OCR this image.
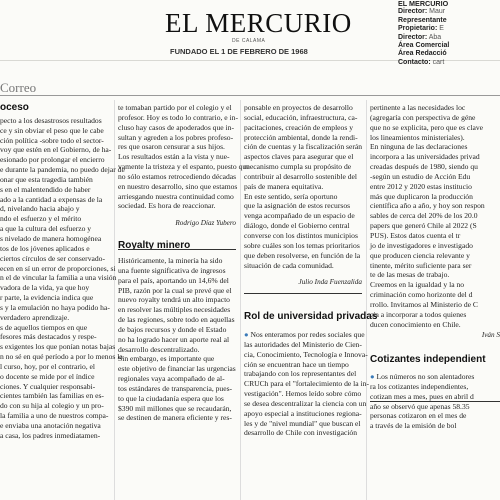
EL MERCURIO
DE CALAMA
FUNDADO EL 1 DE FEBRERO DE 1968
EL MERCURIO
Director: Maur
Representante
Propietario: E
Director: Aba
Área Comercial
Área Redacció
Contacto: cart
Correo
oceso

pecto a los desastrosos resultados

ce y sin obviar el peso que le cabe

ción política -sobre todo el sector-

voy que estén en el Gobierno, de ha-

esionado por prolongar el encierro

e durante la pandemia, no puedo dejar de

onar que esta tragedia también

s en el malentendido de haber

ado a la cantidad a expensas de la

d, nivelando hacia abajo y

ndo el esfuerzo y el mérito

a que la cultura del esfuerzo y

s nivelado de manera homogénea

tos de los jóvenes aplicados e

ciertos círculos de ser conservado-

ecen en sí un error de proporciones, si

n el de vincular la familia a una visión

vadora de la vida, ya que hoy

r parte, la evidencia indica que

s y la emulación no haya podido ha-

verdadero aprendizaje.

s de aquellos tiempos en que

fesores más destacados y respe-

s exigentes los que ponían notas bajas

n no sé en qué período a por lo menos la

l curso, hoy, por el contrario, el

o docente se mide por el índice

ciones. Y cualquier responsabi-

cientes también las familias en es-

do con su hija al colegio y un pro-

la familia a uno de nuestros compa-

e enviaba una anotación negativa

a casa, los padres inmediatamen-

te tomaban partido por el colegio y el

profesor. Hoy es todo lo contrario, e in-

cluso hay casos de apoderados que in-

sultan y agreden a los pobres profeso-

res que osaron censurar a sus hijos.

Los resultados están a la vista y nue-

vamente la tristeza y el espanto, puesto que

no sólo estamos retrocediendo décadas

en nuestro desarrollo, sino que estamos

arriesgando nuestra continuidad como

sociedad. Es hora de reaccionar.

Rodrigo Díaz Yubero
Royalty minero

Históricamente, la minería ha sido

una fuente significativa de ingresos

para el país, aportando un 14,6% del

PIB, razón por la cual se prevé que el

nuevo royalty tendrá un alto impacto

en resolver las múltiples necesidades

de las regiones, sobre todo en aquellas

de bajos recursos y donde el Estado

no ha logrado hacer un aporte real al

desarrollo descentralizado.

Sin embargo, es importante que

este objetivo de financiar las urgencias

regionales vaya acompañado de al-

tos estándares de transparencia, pues-

to que la ciudadanía espera que los

$390 mil millones que se recaudarán,

se destinen de manera eficiente y res-

ponsable en proyectos de desarrollo

social, educación, infraestructura, ca-

pacitaciones, creación de empleos y

protección ambiental, donde la rendi-

ción de cuentas y la fiscalización serán

aspectos claves para asegurar que el

mecanismo cumpla su propósito de

contribuir al desarrollo sostenible del

país de manera equitativa.

En este sentido, sería oportuno

que la asignación de estos recursos

venga acompañado de un espacio de

diálogo, donde el Gobierno central

converse con los distintos municipios

sobre cuáles son los temas prioritarios

que deben resolverse, en función de la

situación de cada comunidad.

Julio Inda Fuenzalida
Rol de universidad privadas

● Nos enteramos por redes sociales que

las autoridades del Ministerio de Cien-

cia, Conocimiento, Tecnología e Innova-

ción se encuentran hace un tiempo

trabajando con los representantes del

CRUCh para el "fortalecimiento de la in-

vestigación". Hemos leído sobre cómo

se desea descentralizar la ciencia con un

apoyo especial a instituciones regiona-

les y de "nivel mundial" que buscan el

desarrollo de Chile con investigación

pertinente a las necesidades loc

(agregaría con perspectiva de géne

que no se explicita, pero que es clave

los lineamientos ministeriales).

En ninguna de las declaraciones

incorpora a las universidades privad

creadas después de 1980, siendo qu

-según un estudio de Acción Edu

entre 2012 y 2020 estas institucio

más que duplicaron la producción

científica año a año, y hoy son respon

sables de cerca del 20% de los 20.0

papers que generó Chile al 2022 (S

PUS). Estos datos cuenta el tr

jo de investigadores e investigado

que producen ciencia relevante y

tinente, mérito suficiente para ser

te de las mesas de trabajo.

Creemos en la igualdad y la no

criminación como horizonte del d

rrollo. Invitamos al Ministerio de C

cia a incorporar a todos quienes

ducen conocimiento en Chile.

Iván S
Cotizantes independient

● Los números no son alentadores

ra los cotizantes independientes,

cotizan mes a mes, pues en abril d

año se observó que apenas 58.35

personas cotizaron en el mes de

a través de la emisión de bol
